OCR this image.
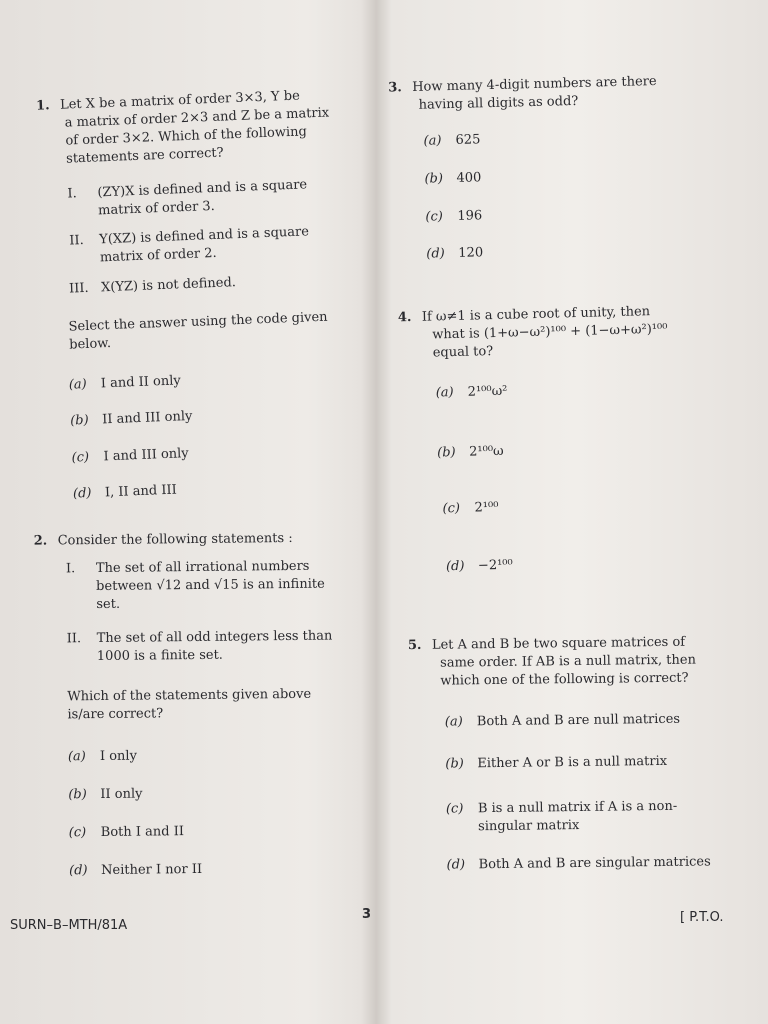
1. Let X be a matrix of order 3×3, Y be
a matrix of order 2×3 and Z be a matrix
of order 3×2. Which of the following
statements are correct?
I. (ZY)X is defined and is a square
matrix of order 3.
II. Y(XZ) is defined and is a square
matrix of order 2.
III. X(YZ) is not defined.
Select the answer using the code given
below.
(a) I and II only
(b) II and III only
(c) I and III only
(d) I, II and III
2. Consider the following statements :
I. The set of all irrational numbers
between √12 and √15 is an infinite
set.
II. The set of all odd integers less than
1000 is a finite set.
Which of the statements given above
is/are correct?
(a) I only
(b) II only
(c) Both I and II
(d) Neither I nor II
3. How many 4-digit numbers are there
having all digits as odd?
(a) 625
(b) 400
(c) 196
(d) 120
4. If ω≠1 is a cube root of unity, then
what is (1+ω−ω²)¹⁰⁰ + (1−ω+ω²)¹⁰⁰
equal to?
(a) 2¹⁰⁰ω²
(b) 2¹⁰⁰ω
(c) 2¹⁰⁰
(d) −2¹⁰⁰
5. Let A and B be two square matrices of
same order. If AB is a null matrix, then
which one of the following is correct?
(a) Both A and B are null matrices
(b) Either A or B is a null matrix
(c) B is a null matrix if A is a non-
singular matrix
(d) Both A and B are singular matrices
SURN–B–MTH/81A
3	[ P.T.O.
